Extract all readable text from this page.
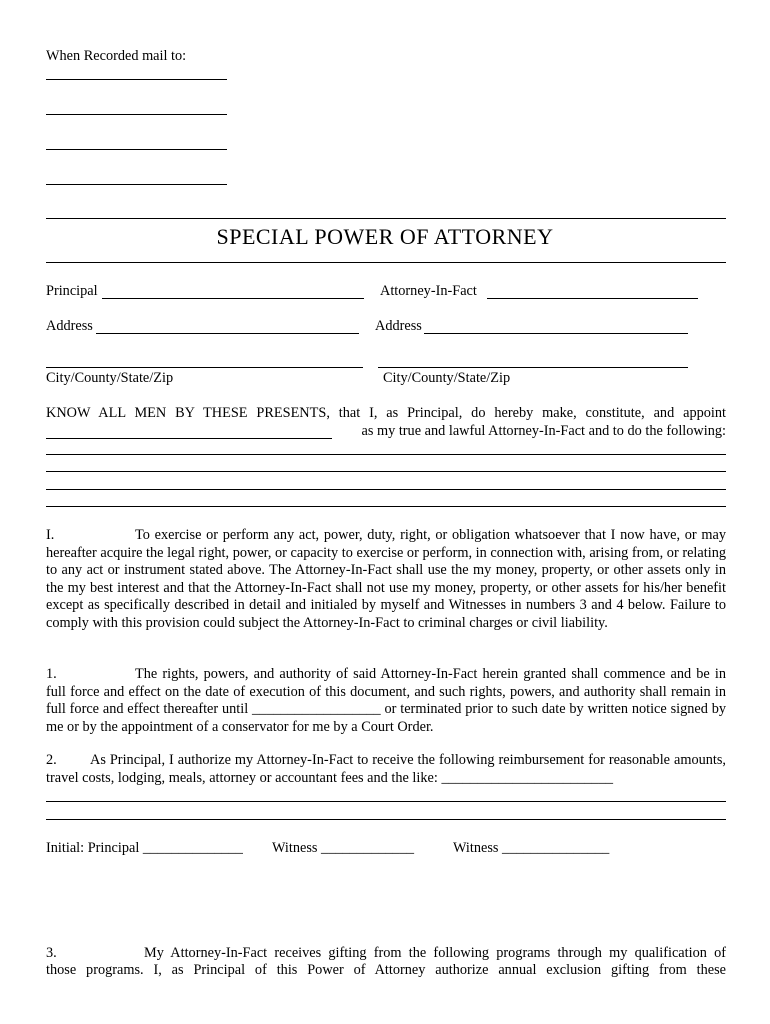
When Recorded mail to:
SPECIAL POWER OF ATTORNEY
Principal	Attorney-In-Fact
Address	Address
City/County/State/Zip	City/County/State/Zip
KNOW ALL MEN BY THESE PRESENTS, that I, as Principal, do hereby make, constitute, and appoint
as my true and lawful Attorney-In-Fact and to do the following:
I.	To exercise or perform any act, power, duty, right, or obligation whatsoever that I now have, or may hereafter acquire the legal right, power, or capacity to exercise or perform, in connection with, arising from, or relating to any act or instrument stated above. The Attorney-In-Fact shall use the my money, property, or other assets only in the my best interest and that the Attorney-In-Fact shall not use my money, property, or other assets for his/her benefit except as specifically described in detail and initialed by myself and Witnesses in numbers 3 and 4 below. Failure to comply with this provision could subject the Attorney-In-Fact to criminal charges or civil liability.
1.	The rights, powers, and authority of said Attorney-In-Fact herein granted shall commence and be in full force and effect on the date of execution of this document, and such rights, powers, and authority shall remain in full force and effect thereafter until __________________ or terminated prior to such date by written notice signed by me or by the appointment of a conservator for me by a Court Order.
2. As Principal, I authorize my Attorney-In-Fact to receive the following reimbursement for reasonable amounts, travel costs, lodging, meals, attorney or accountant fees and the like: ________________________
Initial: Principal ______________ Witness _____________	Witness _______________
3.	My Attorney-In-Fact receives gifting from the following programs through my qualification of
those programs. I, as Principal of this Power of Attorney authorize annual exclusion gifting from these
